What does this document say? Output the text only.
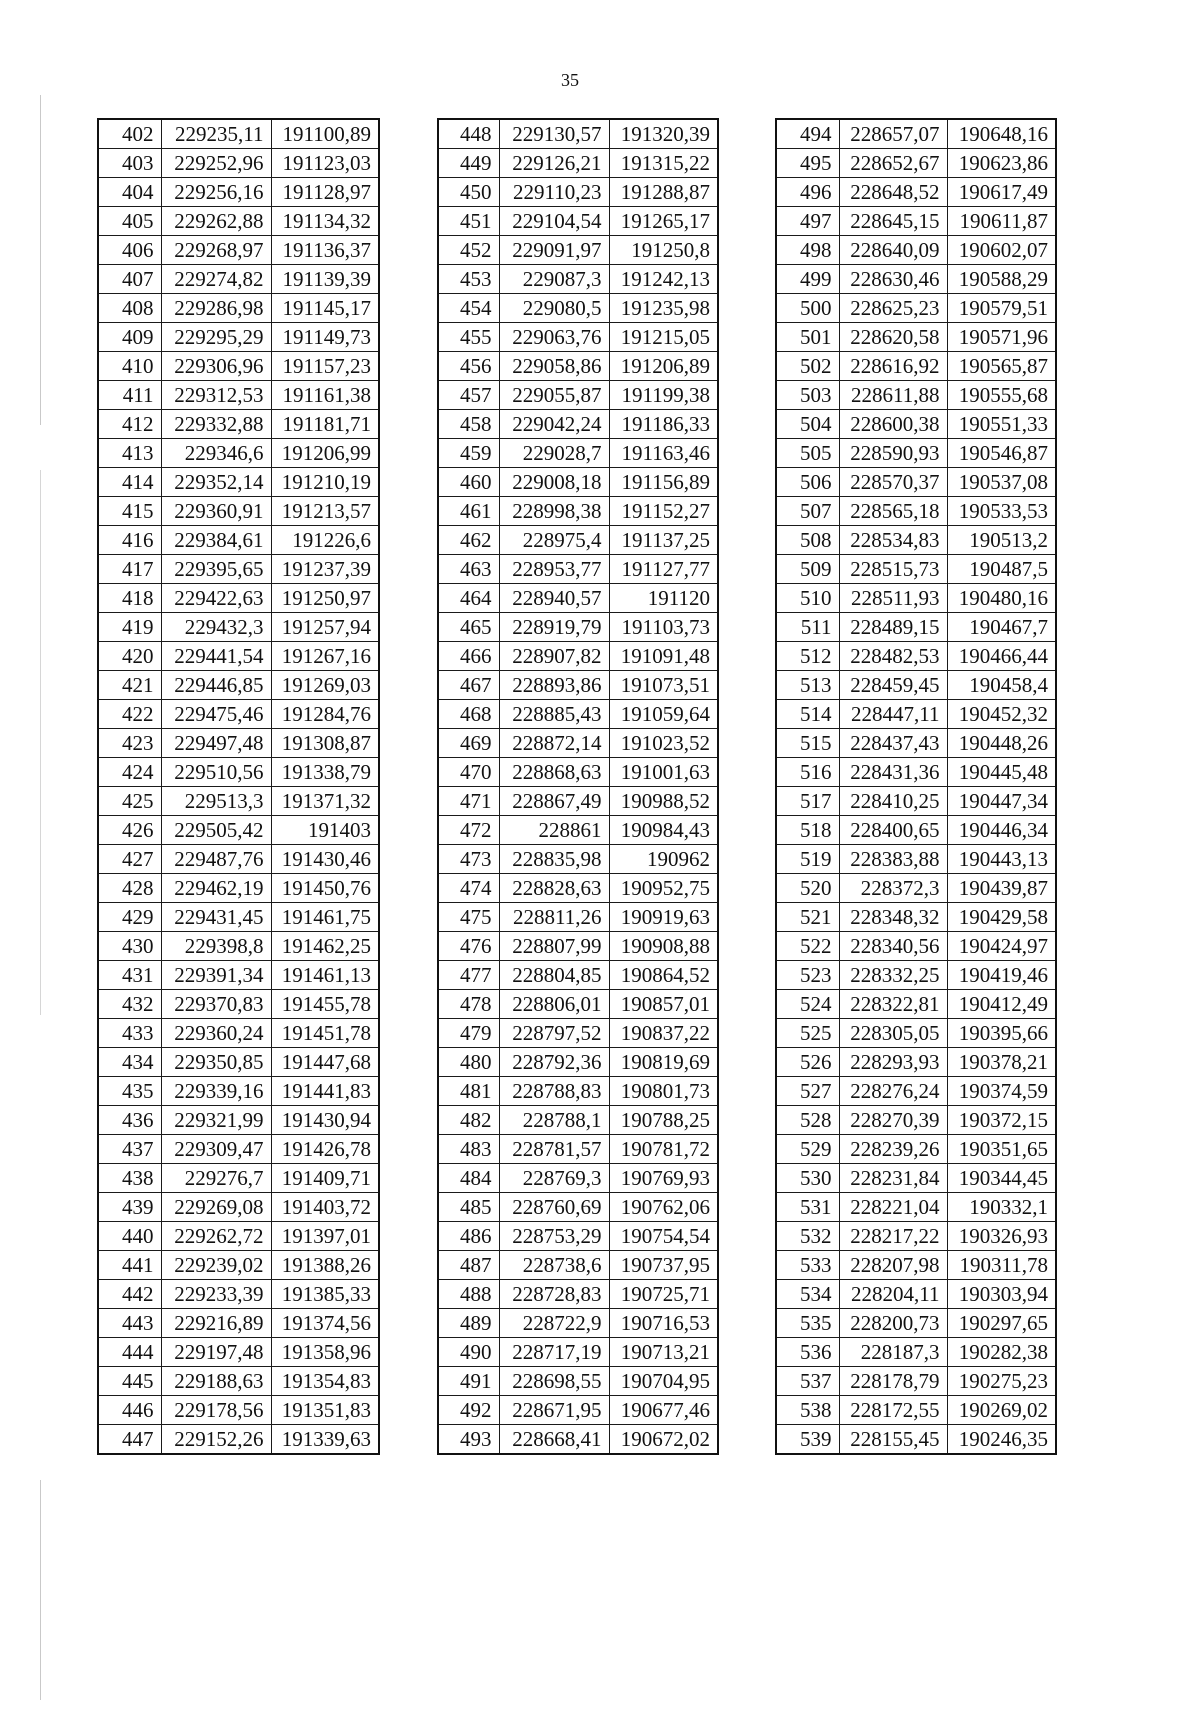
35
402	229235,11	191100,89
403	229252,96	191123,03
404	229256,16	191128,97
405	229262,88	191134,32
406	229268,97	191136,37
407	229274,82	191139,39
408	229286,98	191145,17
409	229295,29	191149,73
410	229306,96	191157,23
411	229312,53	191161,38
412	229332,88	191181,71
413	229346,6	191206,99
414	229352,14	191210,19
415	229360,91	191213,57
416	229384,61	191226,6
417	229395,65	191237,39
418	229422,63	191250,97
419	229432,3	191257,94
420	229441,54	191267,16
421	229446,85	191269,03
422	229475,46	191284,76
423	229497,48	191308,87
424	229510,56	191338,79
425	229513,3	191371,32
426	229505,42	191403
427	229487,76	191430,46
428	229462,19	191450,76
429	229431,45	191461,75
430	229398,8	191462,25
431	229391,34	191461,13
432	229370,83	191455,78
433	229360,24	191451,78
434	229350,85	191447,68
435	229339,16	191441,83
436	229321,99	191430,94
437	229309,47	191426,78
438	229276,7	191409,71
439	229269,08	191403,72
440	229262,72	191397,01
441	229239,02	191388,26
442	229233,39	191385,33
443	229216,89	191374,56
444	229197,48	191358,96
445	229188,63	191354,83
446	229178,56	191351,83
447	229152,26	191339,63
448	229130,57	191320,39
449	229126,21	191315,22
450	229110,23	191288,87
451	229104,54	191265,17
452	229091,97	191250,8
453	229087,3	191242,13
454	229080,5	191235,98
455	229063,76	191215,05
456	229058,86	191206,89
457	229055,87	191199,38
458	229042,24	191186,33
459	229028,7	191163,46
460	229008,18	191156,89
461	228998,38	191152,27
462	228975,4	191137,25
463	228953,77	191127,77
464	228940,57	191120
465	228919,79	191103,73
466	228907,82	191091,48
467	228893,86	191073,51
468	228885,43	191059,64
469	228872,14	191023,52
470	228868,63	191001,63
471	228867,49	190988,52
472	228861	190984,43
473	228835,98	190962
474	228828,63	190952,75
475	228811,26	190919,63
476	228807,99	190908,88
477	228804,85	190864,52
478	228806,01	190857,01
479	228797,52	190837,22
480	228792,36	190819,69
481	228788,83	190801,73
482	228788,1	190788,25
483	228781,57	190781,72
484	228769,3	190769,93
485	228760,69	190762,06
486	228753,29	190754,54
487	228738,6	190737,95
488	228728,83	190725,71
489	228722,9	190716,53
490	228717,19	190713,21
491	228698,55	190704,95
492	228671,95	190677,46
493	228668,41	190672,02
494	228657,07	190648,16
495	228652,67	190623,86
496	228648,52	190617,49
497	228645,15	190611,87
498	228640,09	190602,07
499	228630,46	190588,29
500	228625,23	190579,51
501	228620,58	190571,96
502	228616,92	190565,87
503	228611,88	190555,68
504	228600,38	190551,33
505	228590,93	190546,87
506	228570,37	190537,08
507	228565,18	190533,53
508	228534,83	190513,2
509	228515,73	190487,5
510	228511,93	190480,16
511	228489,15	190467,7
512	228482,53	190466,44
513	228459,45	190458,4
514	228447,11	190452,32
515	228437,43	190448,26
516	228431,36	190445,48
517	228410,25	190447,34
518	228400,65	190446,34
519	228383,88	190443,13
520	228372,3	190439,87
521	228348,32	190429,58
522	228340,56	190424,97
523	228332,25	190419,46
524	228322,81	190412,49
525	228305,05	190395,66
526	228293,93	190378,21
527	228276,24	190374,59
528	228270,39	190372,15
529	228239,26	190351,65
530	228231,84	190344,45
531	228221,04	190332,1
532	228217,22	190326,93
533	228207,98	190311,78
534	228204,11	190303,94
535	228200,73	190297,65
536	228187,3	190282,38
537	228178,79	190275,23
538	228172,55	190269,02
539	228155,45	190246,35
